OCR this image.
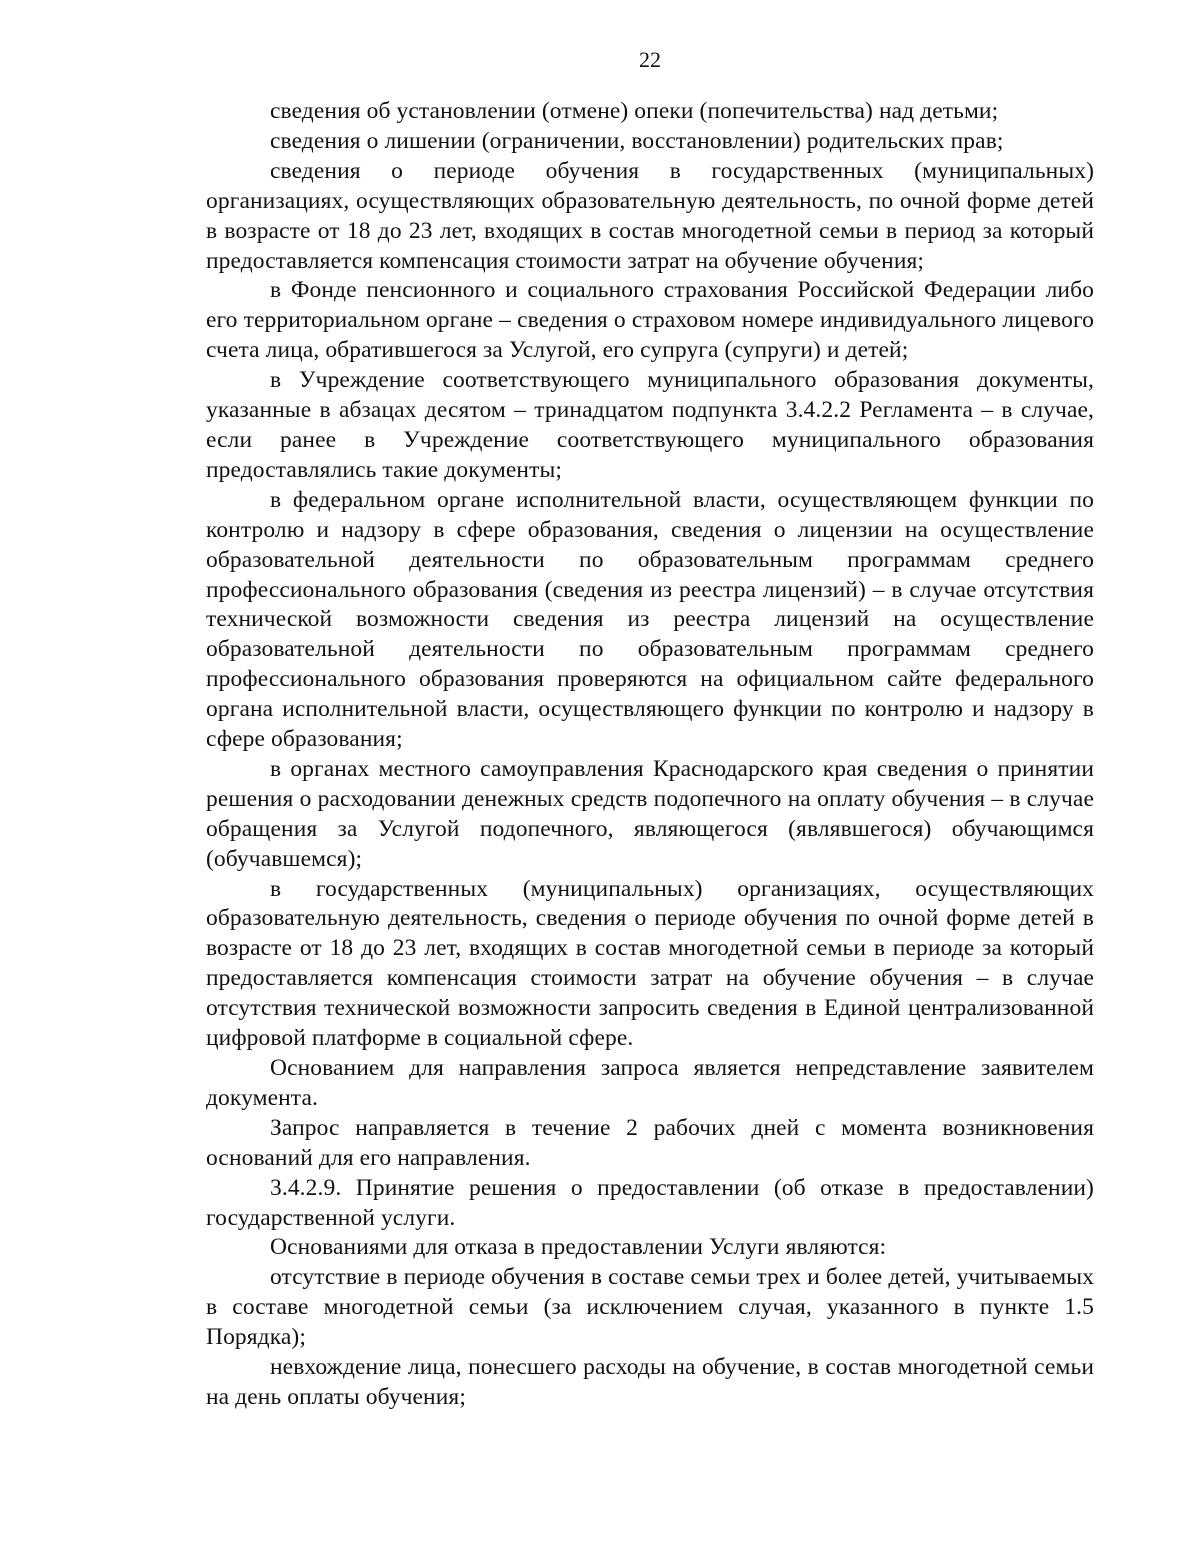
22

сведения об установлении (отмене) опеки (попечительства) над детьми;

сведения о лишении (ограничении, восстановлении) родительских прав;

сведения о периоде обучения в государственных (муниципальных) организациях, осуществляющих образовательную деятельность, по очной форме детей в возрасте от 18 до 23 лет, входящих в состав многодетной семьи в период за который предоставляется компенсация стоимости затрат на обучение обучения;

в Фонде пенсионного и социального страхования Российской Федерации либо его территориальном органе – сведения о страховом номере индивидуального лицевого счета лица, обратившегося за Услугой, его супруга (супруги) и детей;

в Учреждение соответствующего муниципального образования документы, указанные в абзацах десятом – тринадцатом подпункта 3.4.2.2 Регламента – в случае, если ранее в Учреждение соответствующего муниципального образования предоставлялись такие документы;

в федеральном органе исполнительной власти, осуществляющем функции по контролю и надзору в сфере образования, сведения о лицензии на осуществление образовательной деятельности по образовательным программам среднего профессионального образования (сведения из реестра лицензий) – в случае отсутствия технической возможности сведения из реестра лицензий на осуществление образовательной деятельности по образовательным программам среднего профессионального образования проверяются на официальном сайте федерального органа исполнительной власти, осуществляющего функции по контролю и надзору в сфере образования;

в органах местного самоуправления Краснодарского края сведения о принятии решения о расходовании денежных средств подопечного на оплату обучения – в случае обращения за Услугой подопечного, являющегося (являвшегося) обучающимся (обучавшемся);

в государственных (муниципальных) организациях, осуществляющих образовательную деятельность, сведения о периоде обучения по очной форме детей в возрасте от 18 до 23 лет, входящих в состав многодетной семьи в периоде за который предоставляется компенсация стоимости затрат на обучение обучения – в случае отсутствия технической возможности запросить сведения в Единой централизованной цифровой платформе в социальной сфере.

Основанием для направления запроса является непредставление заявителем документа.

Запрос направляется в течение 2 рабочих дней с момента возникновения оснований для его направления.

3.4.2.9. Принятие решения о предоставлении (об отказе в предоставлении) государственной услуги.

Основаниями для отказа в предоставлении Услуги являются:

отсутствие в периоде обучения в составе семьи трех и более детей, учитываемых в составе многодетной семьи (за исключением случая, указанного в пункте 1.5 Порядка);

невхождение лица, понесшего расходы на обучение, в состав многодетной семьи на день оплаты обучения;
